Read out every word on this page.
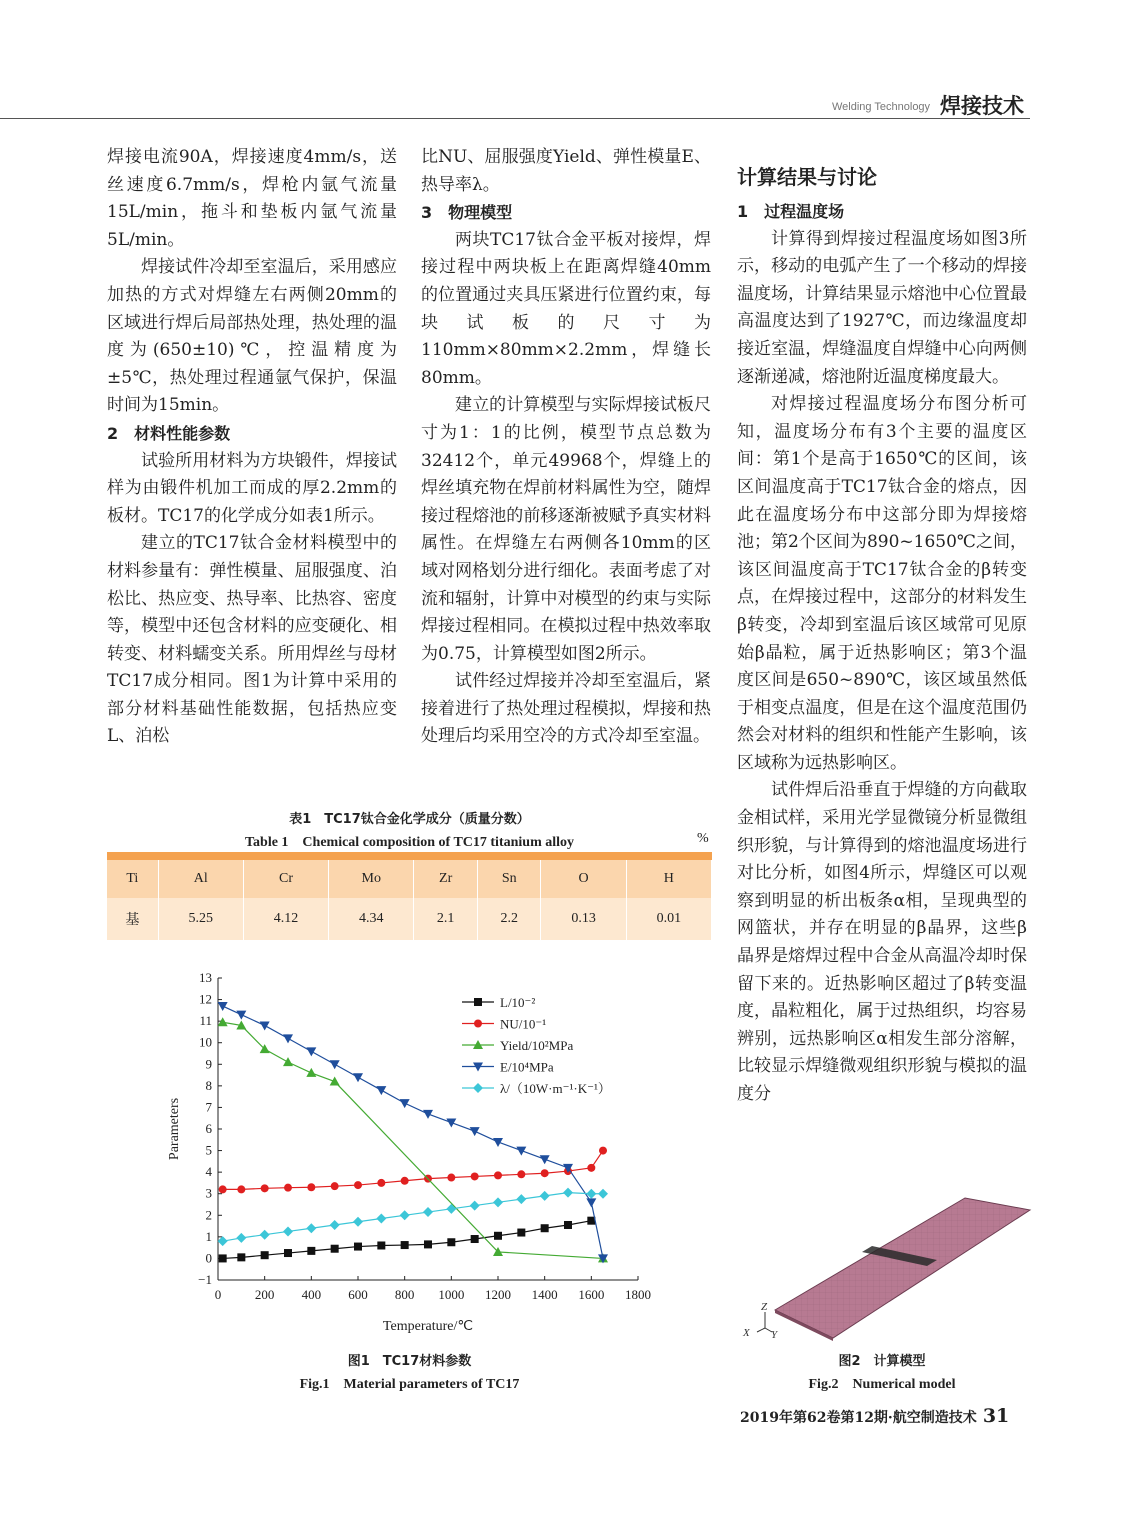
Welding Technology 焊接技术

焊接电流90A，焊接速度4mm/s，送丝速度6.7mm/s，焊枪内氩气流量15L/min，拖斗和垫板内氩气流量5L/min。

焊接试件冷却至室温后，采用感应加热的方式对焊缝左右两侧20mm的区域进行焊后局部热处理，热处理的温度为(650±10)℃，控温精度为±5℃，热处理过程通氩气保护，保温时间为15min。

2　材料性能参数

试验所用材料为方块锻件，焊接试样为由锻件机加工而成的厚2.2mm的板材。TC17的化学成分如表1所示。

建立的TC17钛合金材料模型中的材料参量有：弹性模量、屈服强度、泊松比、热应变、热导率、比热容、密度等，模型中还包含材料的应变硬化、相转变、材料蠕变关系。所用焊丝与母材TC17成分相同。图1为计算中采用的部分材料基础性能数据，包括热应变L、泊松

比NU、屈服强度Yield、弹性模量E、热导率λ。

3　物理模型

两块TC17钛合金平板对接焊，焊接过程中两块板上在距离焊缝40mm的位置通过夹具压紧进行位置约束，每块试板的尺寸为110mm×80mm×2.2mm，焊缝长80mm。

建立的计算模型与实际焊接试板尺寸为1：1的比例，模型节点总数为32412个，单元49968个，焊缝上的焊丝填充物在焊前材料属性为空，随焊接过程熔池的前移逐渐被赋予真实材料属性。在焊缝左右两侧各10mm的区域对网格划分进行细化。表面考虑了对流和辐射，计算中对模型的约束与实际焊接过程相同。在模拟过程中热效率取为0.75，计算模型如图2所示。

试件经过焊接并冷却至室温后，紧接着进行了热处理过程模拟，焊接和热处理后均采用空冷的方式冷却至室温。

计算结果与讨论

1　过程温度场

计算得到焊接过程温度场如图3所示，移动的电弧产生了一个移动的焊接温度场，计算结果显示熔池中心位置最高温度达到了1927℃，而边缘温度却接近室温，焊缝温度自焊缝中心向两侧逐渐递减，熔池附近温度梯度最大。

对焊接过程温度场分布图分析可知，温度场分布有3个主要的温度区间：第1个是高于1650℃的区间，该区间温度高于TC17钛合金的熔点，因此在温度场分布中这部分即为焊接熔池；第2个区间为890~1650℃之间，该区间温度高于TC17钛合金的β转变点，在焊接过程中，这部分的材料发生β转变，冷却到室温后该区域常可见原始β晶粒，属于近热影响区；第3个温度区间是650~890℃，该区域虽然低于相变点温度，但是在这个温度范围仍然会对材料的组织和性能产生影响，该区域称为远热影响区。

试件焊后沿垂直于焊缝的方向截取金相试样，采用光学显微镜分析显微组织形貌，与计算得到的熔池温度场进行对比分析，如图4所示，焊缝区可以观察到明显的析出板条α相，呈现典型的网篮状，并存在明显的β晶界，这些β晶界是熔焊过程中合金从高温冷却时保留下来的。近热影响区超过了β转变温度，晶粒粗化，属于过热组织，均容易辨别，远热影响区α相发生部分溶解，比较显示焊缝微观组织形貌与模拟的温度分

表1　TC17钛合金化学成分（质量分数）
Table 1　Chemical composition of TC17 titanium alloy	%

Ti	Al	Cr	Mo	Zr	Sn	O	H
基	5.25	4.12	4.34	2.1	2.2	0.13	0.01
−1
0
1
2
3
4
5
6
7
8
9
10
11
12
13
0	200 400 600 800 1000 1200 1400 1600 1800
Temperature/℃
Parameters
L/10⁻²
NU/10⁻¹
Yield/10²MPa
E/10⁴MPa
λ/（10W·m⁻¹·K⁻¹）
图1　TC17材料参数
Fig.1　Material parameters of TC17
Z
X Y
图2　计算模型
Fig.2　Numerical model
2019年第62卷第12期·航空制造技术 31
